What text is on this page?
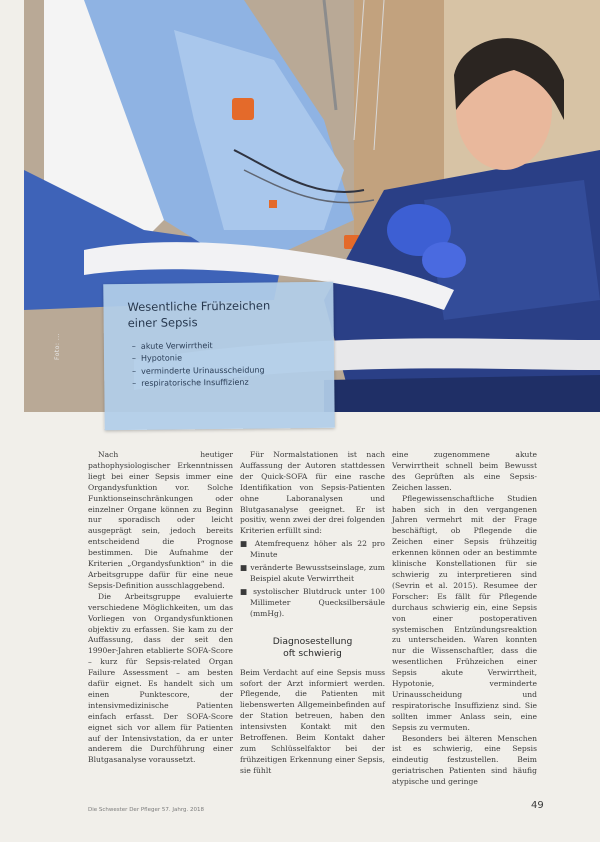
Foto: ...
Wesentliche Frühzeichen
einer Sepsis
– akute Verwirrtheit
– Hypotonie
– verminderte Urinausscheidung
– respiratorische Insuffizienz

Nach heutiger pathophysiologischer Erkenntnissen liegt bei einer Sepsis immer eine Organdysfunktion vor. Solche Funktionseinschränkungen oder einzelner Organe können zu Beginn nur sporadisch oder leicht ausgeprägt sein, jedoch bereits entscheidend die Prognose bestimmen. Die Aufnahme der Kriterien „Organdysfunktion“ in die Arbeitsgruppe dafür für eine neue Sepsis-Definition ausschlaggebend.

Die Arbeitsgruppe evaluierte verschiedene Möglichkeiten, um das Vorliegen von Organdysfunktionen objektiv zu erfassen. Sie kam zu der Auffassung, dass der seit den 1990er-Jahren etablierte SOFA-Score – kurz für Sepsis-related Organ Failure Assessment – am besten dafür eignet. Es handelt sich um einen Punktescore, der intensivmedizinische Patienten einfach erfasst. Der SOFA-Score eignet sich vor allem für Patienten auf der Intensivstation, da er unter anderem die Durchführung einer Blutgasanalyse voraussetzt.

Für Normalstationen ist nach Auffassung der Autoren stattdessen der Quick-SOFA für eine rasche Identifikation von Sepsis-Patienten ohne Laboranalysen und Blutgasanalyse geeignet. Er ist positiv, wenn zwei der drei folgenden Kriterien erfüllt sind:

■ Atemfrequenz höher als 22 pro Minute

■ veränderte Bewusstseinslage, zum Beispiel akute Verwirrtheit

■ systolischer Blutdruck unter 100 Millimeter Quecksilbersäule (mmHg).

Diagnosestellung
oft schwierig

Beim Verdacht auf eine Sepsis muss sofort der Arzt informiert werden. Pflegende, die Patienten mit liebenswerten Allgemeinbefinden auf der Station betreuen, haben den intensivsten Kontakt mit den Betroffenen. Beim Kontakt daher zum Schlüsselfaktor bei der frühzeitigen Erkennung einer Sepsis, sie fühlt

eine zugenommene akute Verwirrtheit schnell beim Bewusst des Geprüften als eine Sepsis-Zeichen lassen.

Pflegewissenschaftliche Studien haben sich in den vergangenen Jahren vermehrt mit der Frage beschäftigt, ob Pflegende die Zeichen einer Sepsis frühzeitig erkennen können oder an bestimmte klinische Konstellationen für sie schwierig zu interpretieren sind (Sevrin et al. 2015). Resumee der Forscher: Es fällt für Pflegende durchaus schwierig ein, eine Sepsis von einer postoperativen systemischen Entzündungsreaktion zu unterscheiden. Waren konnten nur die Wissenschaftler, dass die wesentlichen Frühzeichen einer Sepsis akute Verwirrtheit, Hypotonie, verminderte Urinausscheidung und respiratorische Insuffizienz sind. Sie sollten immer Anlass sein, eine Sepsis zu vermuten.

Besonders bei älteren Menschen ist es schwierig, eine Sepsis eindeutig festzustellen. Beim geriatrischen Patienten sind häufig atypische und geringe

Die Schwester Der Pfleger 57. Jahrg. 2018	49
